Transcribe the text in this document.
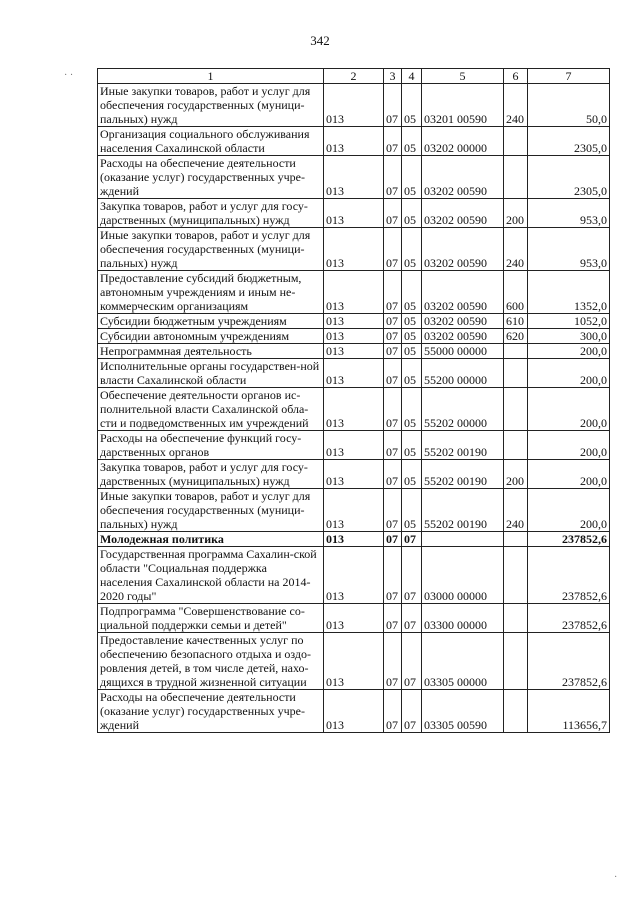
342
· ·
·
1	2	3	4	5	6	7
Иные закупки товаров, работ и услуг для обеспечения государственных (муници-пальных) нужд	013	07	05	03201 00590	240	50,0
Организация социального обслуживания населения Сахалинской области	013	07	05	03202 00000		2305,0
Расходы на обеспечение деятельности (оказание услуг) государственных учре-ждений	013	07	05	03202 00590		2305,0
Закупка товаров, работ и услуг для госу-дарственных (муниципальных) нужд	013	07	05	03202 00590	200	953,0
Иные закупки товаров, работ и услуг для обеспечения государственных (муници-пальных) нужд	013	07	05	03202 00590	240	953,0
Предоставление субсидий бюджетным, автономным учреждениям и иным не-коммерческим организациям	013	07	05	03202 00590	600	1352,0
Субсидии бюджетным учреждениям	013	07	05	03202 00590	610	1052,0
Субсидии автономным учреждениям	013	07	05	03202 00590	620	300,0
Непрограммная деятельность	013	07	05	55000 00000		200,0
Исполнительные органы государствен-ной власти Сахалинской области	013	07	05	55200 00000		200,0
Обеспечение деятельности органов ис-полнительной власти Сахалинской обла-сти и подведомственных им учреждений	013	07	05	55202 00000		200,0
Расходы на обеспечение функций госу-дарственных органов	013	07	05	55202 00190		200,0
Закупка товаров, работ и услуг для госу-дарственных (муниципальных) нужд	013	07	05	55202 00190	200	200,0
Иные закупки товаров, работ и услуг для обеспечения государственных (муници-пальных) нужд	013	07	05	55202 00190	240	200,0
Молодежная политика	013	07	07			237852,6
Государственная программа Сахалин-ской области "Социальная поддержка населения Сахалинской области на 2014-2020 годы"	013	07	07	03000 00000		237852,6
Подпрограмма "Совершенствование со-циальной поддержки семьи и детей"	013	07	07	03300 00000		237852,6
Предоставление качественных услуг по обеспечению безопасного отдыха и оздо-ровления детей, в том числе детей, нахо-дящихся в трудной жизненной ситуации	013	07	07	03305 00000		237852,6
Расходы на обеспечение деятельности (оказание услуг) государственных учре-ждений	013	07	07	03305 00590		113656,7
